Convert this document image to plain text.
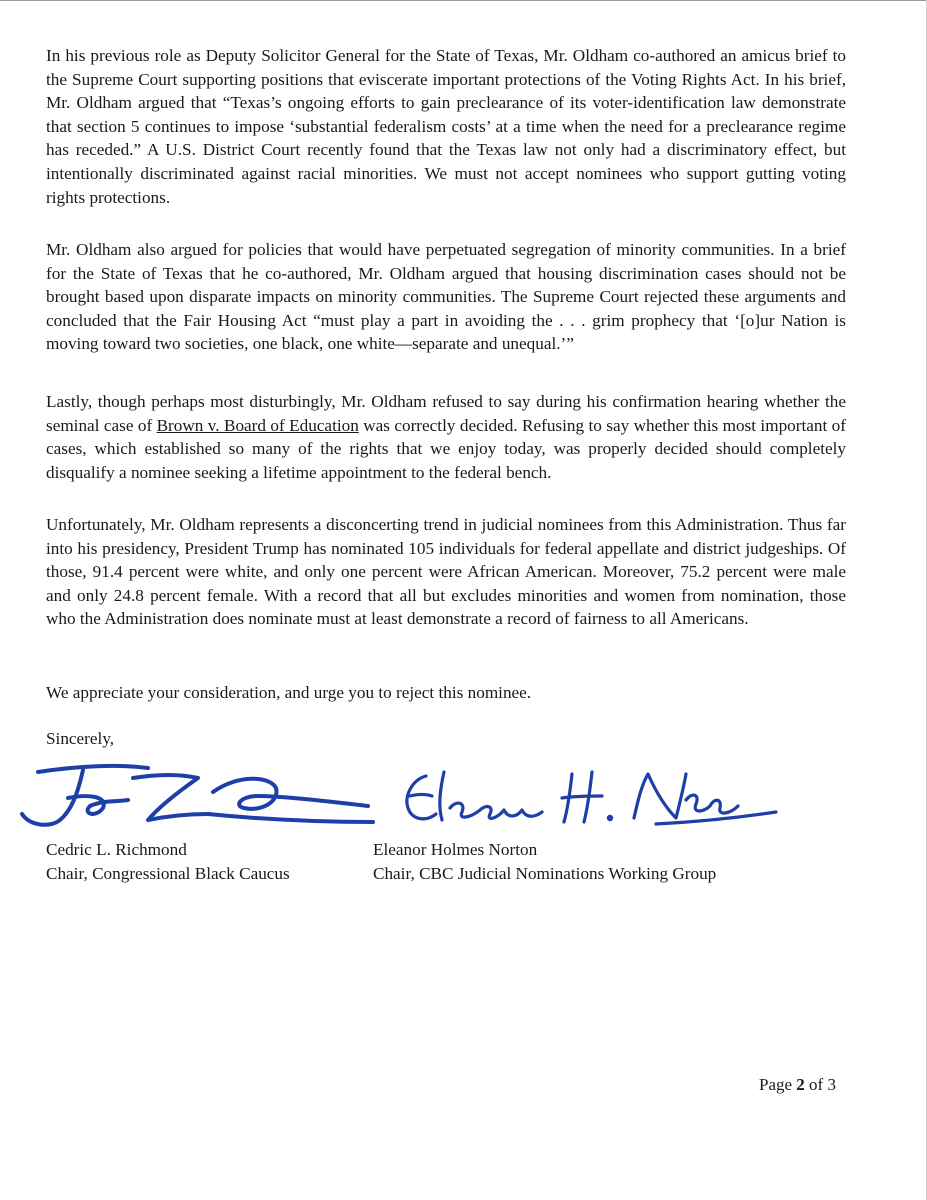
In his previous role as Deputy Solicitor General for the State of Texas, Mr. Oldham co-authored an amicus brief to the Supreme Court supporting positions that eviscerate important protections of the Voting Rights Act. In his brief, Mr. Oldham argued that “Texas’s ongoing efforts to gain preclearance of its voter-identification law demonstrate that section 5 continues to impose ‘substantial federalism costs’ at a time when the need for a preclearance regime has receded.” A U.S. District Court recently found that the Texas law not only had a discriminatory effect, but intentionally discriminated against racial minorities. We must not accept nominees who support gutting voting rights protections.

Mr. Oldham also argued for policies that would have perpetuated segregation of minority communities. In a brief for the State of Texas that he co-authored, Mr. Oldham argued that housing discrimination cases should not be brought based upon disparate impacts on minority communities. The Supreme Court rejected these arguments and concluded that the Fair Housing Act “must play a part in avoiding the . . . grim prophecy that ‘[o]ur Nation is moving toward two societies, one black, one white—separate and unequal.’”

Lastly, though perhaps most disturbingly, Mr. Oldham refused to say during his confirmation hearing whether the seminal case of Brown v. Board of Education was correctly decided. Refusing to say whether this most important of cases, which established so many of the rights that we enjoy today, was properly decided should completely disqualify a nominee seeking a lifetime appointment to the federal bench.

Unfortunately, Mr. Oldham represents a disconcerting trend in judicial nominees from this Administration. Thus far into his presidency, President Trump has nominated 105 individuals for federal appellate and district judgeships. Of those, 91.4 percent were white, and only one percent were African American. Moreover, 75.2 percent were male and only 24.8 percent female. With a record that all but excludes minorities and women from nomination, those who the Administration does nominate must at least demonstrate a record of fairness to all Americans.

We appreciate your consideration, and urge you to reject this nominee.

Sincerely,

Cedric L. Richmond
Chair, Congressional Black Caucus
Eleanor Holmes Norton
Chair, CBC Judicial Nominations Working Group

Page 2 of 3
